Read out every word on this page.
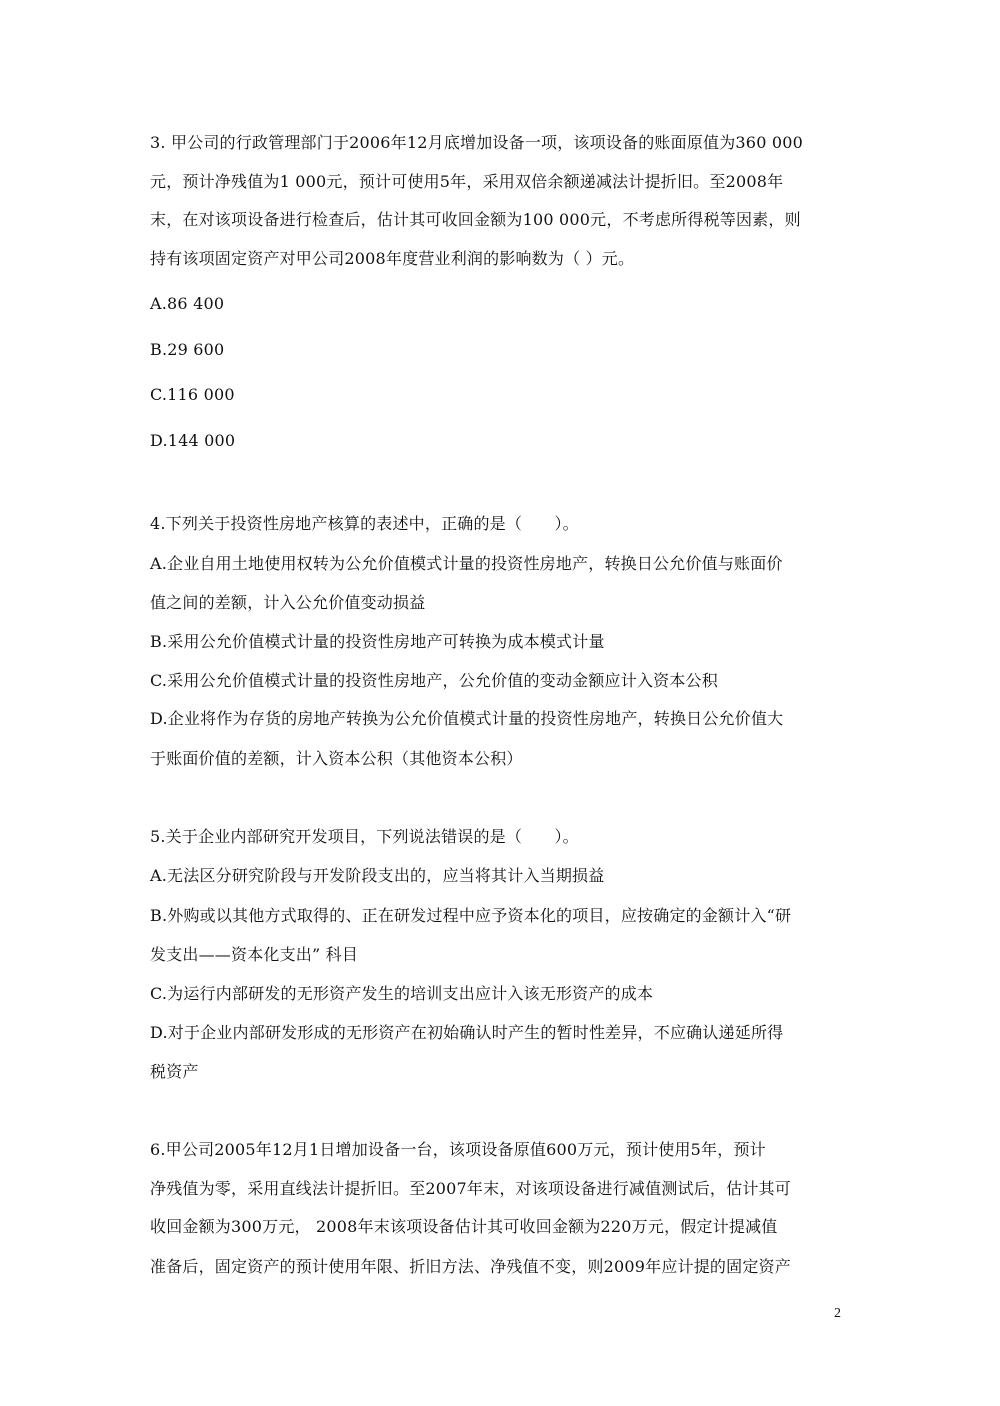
3. 甲公司的行政管理部门于2006年12月底增加设备一项，该项设备的账面原值为360 000
元，预计净残值为1 000元，预计可使用5年，采用双倍余额递减法计提折旧。至2008年
末，在对该项设备进行检查后，估计其可收回金额为100 000元，不考虑所得税等因素，则
持有该项固定资产对甲公司2008年度营业利润的影响数为（ ）元。
A.86 400
B.29 600
C.116 000
D.144 000
4.下列关于投资性房地产核算的表述中，正确的是（　　）。
A.企业自用土地使用权转为公允价值模式计量的投资性房地产，转换日公允价值与账面价
值之间的差额，计入公允价值变动损益
B.采用公允价值模式计量的投资性房地产可转换为成本模式计量
C.采用公允价值模式计量的投资性房地产，公允价值的变动金额应计入资本公积
D.企业将作为存货的房地产转换为公允价值模式计量的投资性房地产，转换日公允价值大
于账面价值的差额，计入资本公积（其他资本公积）
5.关于企业内部研究开发项目，下列说法错误的是（　　）。
A.无法区分研究阶段与开发阶段支出的，应当将其计入当期损益
B.外购或以其他方式取得的、正在研发过程中应予资本化的项目，应按确定的金额计入“研
发支出——资本化支出” 科目
C.为运行内部研发的无形资产发生的培训支出应计入该无形资产的成本
D.对于企业内部研发形成的无形资产在初始确认时产生的暂时性差异，不应确认递延所得
税资产
6.甲公司2005年12月1日增加设备一台，该项设备原值600万元，预计使用5年，预计
净残值为零，采用直线法计提折旧。至2007年末，对该项设备进行减值测试后，估计其可
收回金额为300万元， 2008年末该项设备估计其可收回金额为220万元，假定计提减值
准备后，固定资产的预计使用年限、折旧方法、净残值不变，则2009年应计提的固定资产
2
